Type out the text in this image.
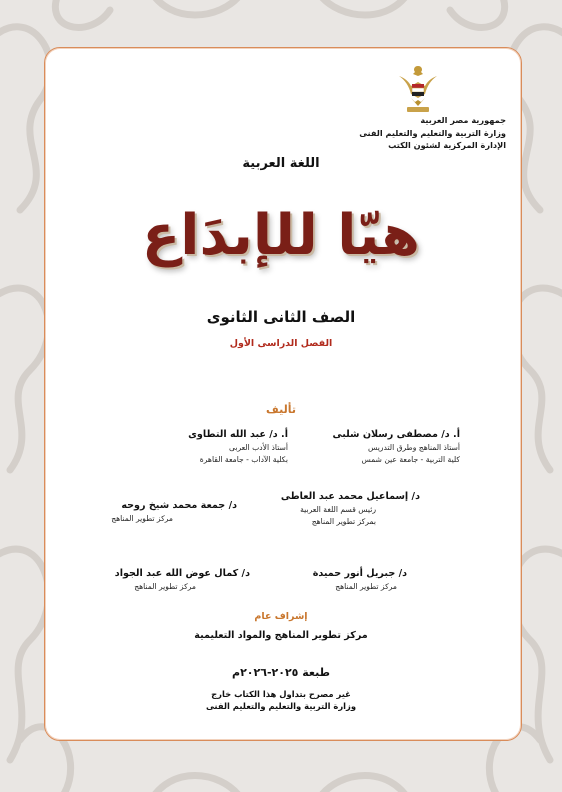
جمهورية مصر العربية
وزارة التربية والتعليم والتعليم الفنى
الإدارة المركزية لشئون الكتب
اللغة العربية
هيّا للإبدَاع
الصف الثانى الثانوى
الفصل الدراسى الأول
تأليف
أ. د/ مصطفى رسلان شلبى
أستاذ المناهج وطرق التدريس
كلية التربية - جامعة عين شمس
أ. د/ عبد الله التطاوى
أستاذ الأدب العربى
بكلية الآداب - جامعة القاهرة
د/ إسماعيل محمد عبد العاطى
رئيس قسم اللغة العربية
بمركز تطوير المناهج
د/ جمعة محمد شيخ روحه
مركز تطوير المناهج
د/ جبريل أنور حميدة
مركز تطوير المناهج
د/ كمال عوض الله عبد الجواد
مركز تطوير المناهج
إشراف عام
مركز تطوير المناهج والمواد التعليمية
طبعة ٢٠٢٥-٢٠٢٦م
غير مصرح بتداول هذا الكتاب خارج
وزارة التربية والتعليم والتعليم الفنى
